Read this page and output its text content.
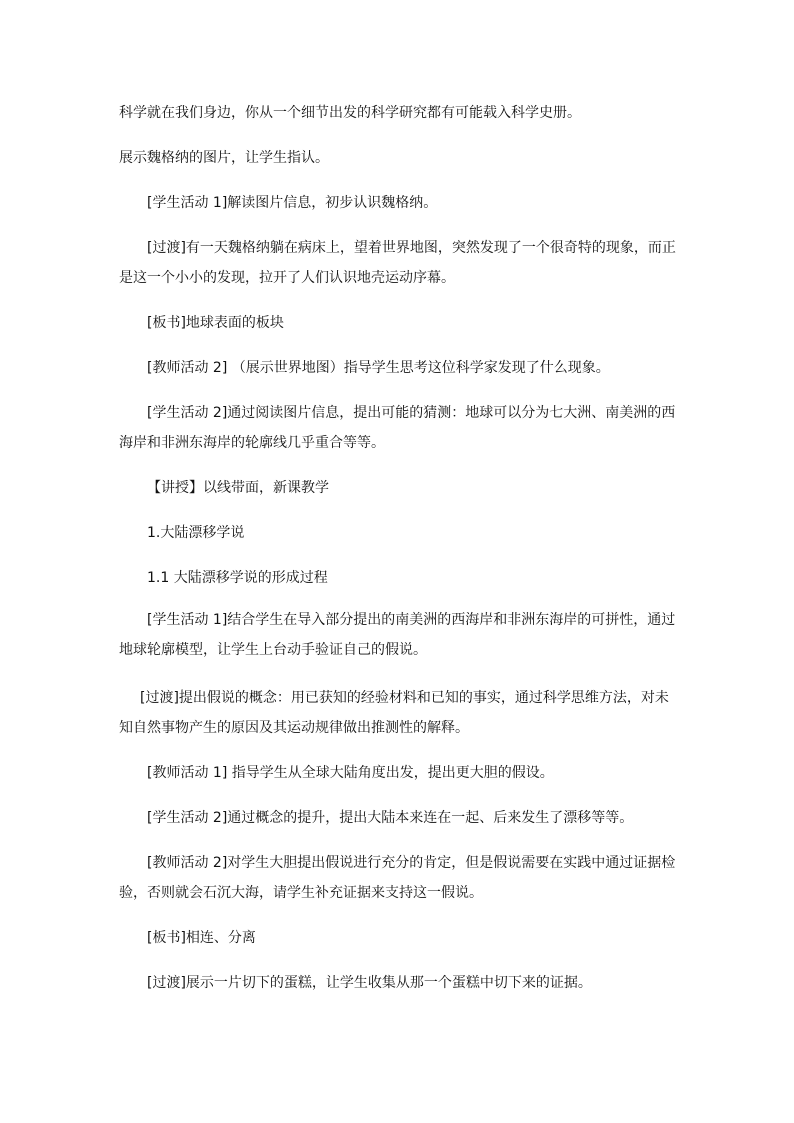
科学就在我们身边，你从一个细节出发的科学研究都有可能载入科学史册。

展示魏格纳的图片，让学生指认。

[学生活动 1]解读图片信息，初步认识魏格纳。

[过渡]有一天魏格纳躺在病床上，望着世界地图，突然发现了一个很奇特的现象，而正是这一个小小的发现，拉开了人们认识地壳运动序幕。

[板书]地球表面的板块

[教师活动 2] （展示世界地图）指导学生思考这位科学家发现了什么现象。

[学生活动 2]通过阅读图片信息，提出可能的猜测：地球可以分为七大洲、南美洲的西海岸和非洲东海岸的轮廓线几乎重合等等。

【讲授】以线带面，新课教学

1.大陆漂移学说

1.1 大陆漂移学说的形成过程

[学生活动 1]结合学生在导入部分提出的南美洲的西海岸和非洲东海岸的可拼性，通过地球轮廓模型，让学生上台动手验证自己的假说。

[过渡]提出假说的概念：用已获知的经验材料和已知的事实，通过科学思维方法，对未知自然事物产生的原因及其运动规律做出推测性的解释。

[教师活动 1] 指导学生从全球大陆角度出发，提出更大胆的假设。

[学生活动 2]通过概念的提升，提出大陆本来连在一起、后来发生了漂移等等。

[教师活动 2]对学生大胆提出假说进行充分的肯定，但是假说需要在实践中通过证据检验，否则就会石沉大海，请学生补充证据来支持这一假说。

[板书]相连、分离

[过渡]展示一片切下的蛋糕，让学生收集从那一个蛋糕中切下来的证据。
